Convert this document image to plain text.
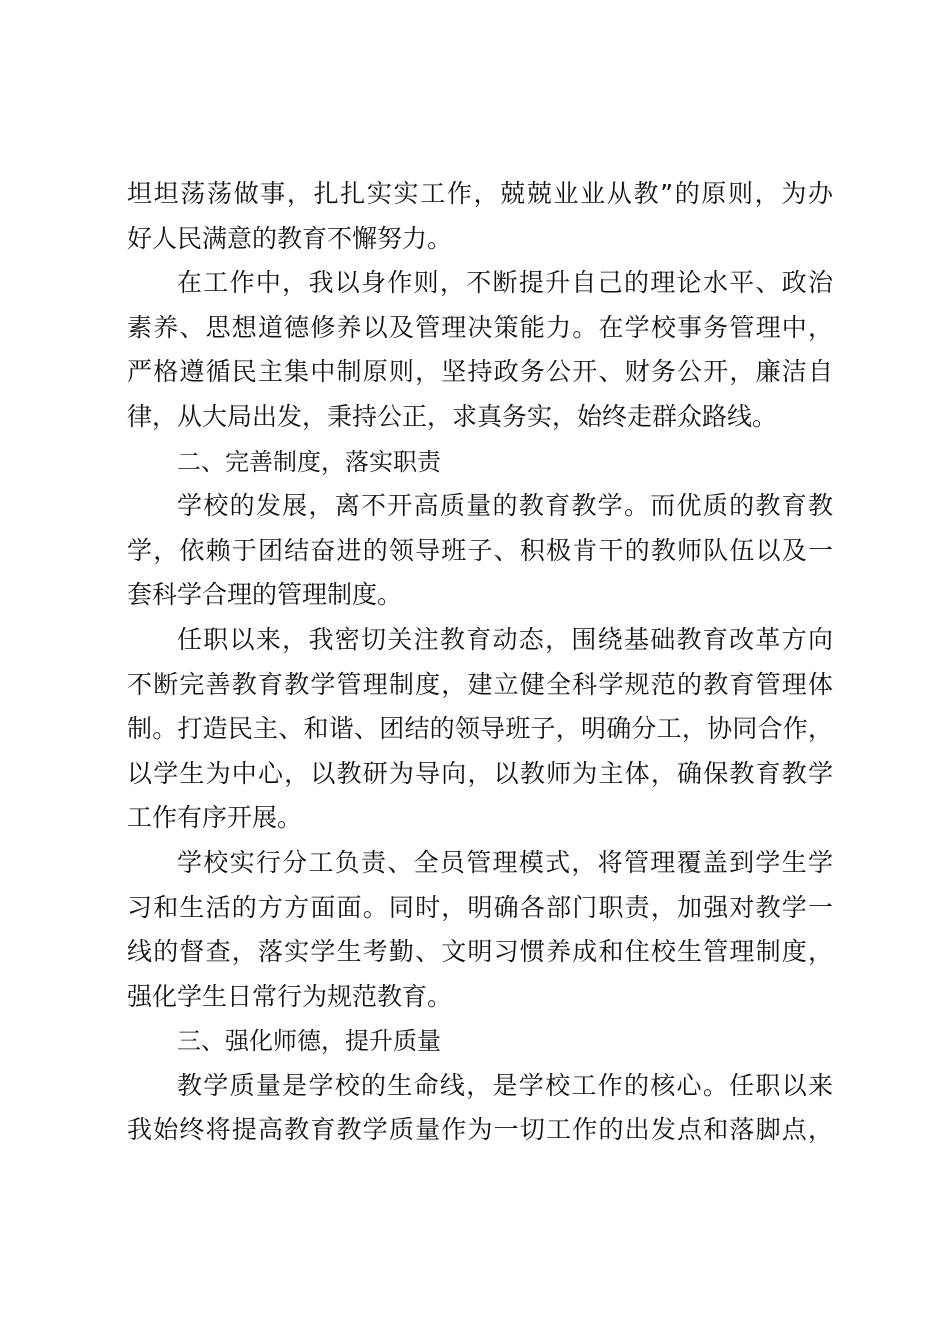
坦坦荡荡做事，扎扎实实工作，兢兢业业从教”的原则，为办
好人民满意的教育不懈努力。
在工作中，我以身作则，不断提升自己的理论水平、政治
素养、思想道德修养以及管理决策能力。在学校事务管理中，
严格遵循民主集中制原则，坚持政务公开、财务公开，廉洁自
律，从大局出发，秉持公正，求真务实，始终走群众路线。
二、完善制度，落实职责
学校的发展，离不开高质量的教育教学。而优质的教育教
学，依赖于团结奋进的领导班子、积极肯干的教师队伍以及一
套科学合理的管理制度。
任职以来，我密切关注教育动态，围绕基础教育改革方向
不断完善教育教学管理制度，建立健全科学规范的教育管理体
制。打造民主、和谐、团结的领导班子，明确分工，协同合作，
以学生为中心，以教研为导向，以教师为主体，确保教育教学
工作有序开展。
学校实行分工负责、全员管理模式，将管理覆盖到学生学
习和生活的方方面面。同时，明确各部门职责，加强对教学一
线的督查，落实学生考勤、文明习惯养成和住校生管理制度，
强化学生日常行为规范教育。
三、强化师德，提升质量
教学质量是学校的生命线，是学校工作的核心。任职以来
我始终将提高教育教学质量作为一切工作的出发点和落脚点，
